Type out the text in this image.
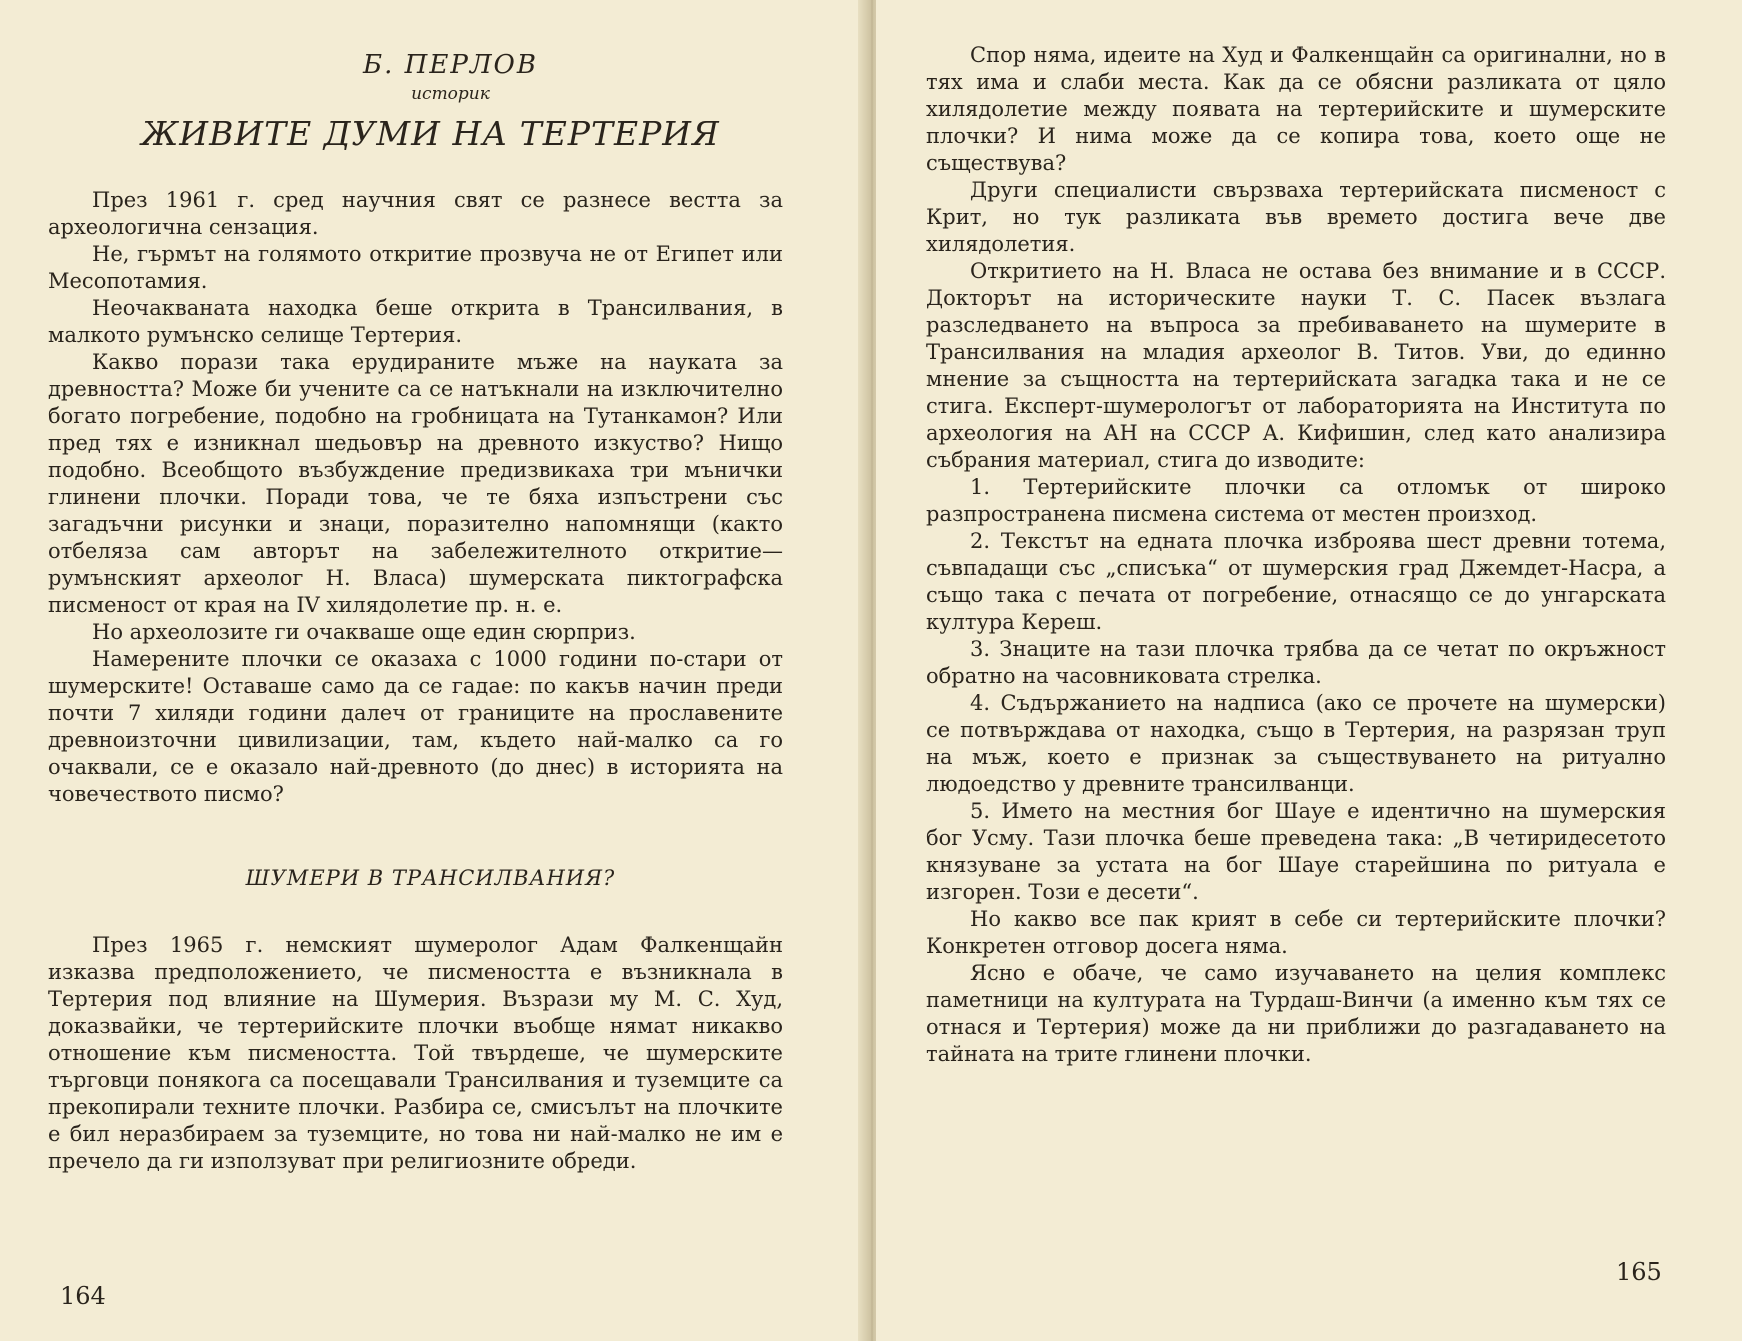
Б. ПЕРЛОВ
историк
ЖИВИТЕ ДУМИ НА ТЕРТЕРИЯ

През 1961 г. сред научния свят се разнесе вестта за археологична сензация.

Не, гърмът на голямото откритие прозвуча не от Египет или Месопотамия.

Неочакваната находка беше открита в Трансилвания, в малкото румънско селище Тертерия.

Какво порази така ерудираните мъже на науката за древността? Може би учените са се натъкнали на изключително богато погребение, подобно на гробницата на Тутанкамон? Или пред тях е изникнал шедьовър на древното изкуство? Нищо подобно. Всеобщото възбуждение предизвикаха три мънички глинени плочки. Поради това, че те бяха изпъстрени със загадъчни рисунки и знаци, поразително напомнящи (както отбеляза сам авторът на забележителното откритие—румънският археолог Н. Власа) шумерската пиктографска писменост от края на IV хилядолетие пр. н. е.

Но археолозите ги очакваше още един сюрприз.

Намерените плочки се оказаха с 1000 години по-стари от шумерските! Оставаше само да се гадае: по какъв начин преди почти 7 хиляди години далеч от границите на прославените древноизточни цивилизации, там, където най-малко са го очаквали, се е оказало най-древното (до днес) в историята на човечеството писмо?

ШУМЕРИ В ТРАНСИЛВАНИЯ?

През 1965 г. немският шумеролог Адам Фалкенщайн изказва предположението, че писмеността е възникнала в Тертерия под влияние на Шумерия. Възрази му М. С. Худ, доказвайки, че тертерийските плочки въобще нямат никакво отношение към писмеността. Той твърдеше, че шумерските търговци понякога са посещавали Трансилвания и туземците са прекопирали техните плочки. Разбира се, смисълът на плочките е бил неразбираем за туземците, но това ни най-малко не им е пречело да ги използуват при религиозните обреди.

164

Спор няма, идеите на Худ и Фалкенщайн са оригинални, но в тях има и слаби места. Как да се обясни разликата от цяло хилядолетие между появата на тертерийските и шумерските плочки? И нима може да се копира това, което още не съществува?

Други специалисти свързваха тертерийската писменост с Крит, но тук разликата във времето достига вече две хилядолетия.

Откритието на Н. Власа не остава без внимание и в СССР. Докторът на историческите науки Т. С. Пасек възлага разследването на въпроса за пребиваването на шумерите в Трансилвания на младия археолог В. Титов. Уви, до единно мнение за същността на тертерийската загадка така и не се стига. Експерт-шумерологът от лабораторията на Института по археология на АН на СССР А. Кифишин, след като анализира събрания материал, стига до изводите:

1. Тертерийските плочки са отломък от широко разпространена писмена система от местен произход.

2. Текстът на едната плочка изброява шест древни тотема, съвпадащи със „списъка“ от шумерския град Джемдет-Насра, а също така с печата от погребение, отнасящо се до унгарската култура Кереш.

3. Знаците на тази плочка трябва да се четат по окръжност обратно на часовниковата стрелка.

4. Съдържанието на надписа (ако се прочете на шумерски) се потвърждава от находка, също в Тертерия, на разрязан труп на мъж, което е признак за съществуването на ритуално людоедство у древните трансилванци.

5. Името на местния бог Шауе е идентично на шумерския бог Усму. Тази плочка беше преведена така: „В четиридесетото князуване за устата на бог Шауе старейшина по ритуала е изгорен. Този е десети“.

Но какво все пак крият в себе си тертерийските плочки? Конкретен отговор досега няма.

Ясно е обаче, че само изучаването на целия комплекс паметници на културата на Турдаш-Винчи (а именно към тях се отнася и Тертерия) може да ни приближи до разгадаването на тайната на трите глинени плочки.

165
